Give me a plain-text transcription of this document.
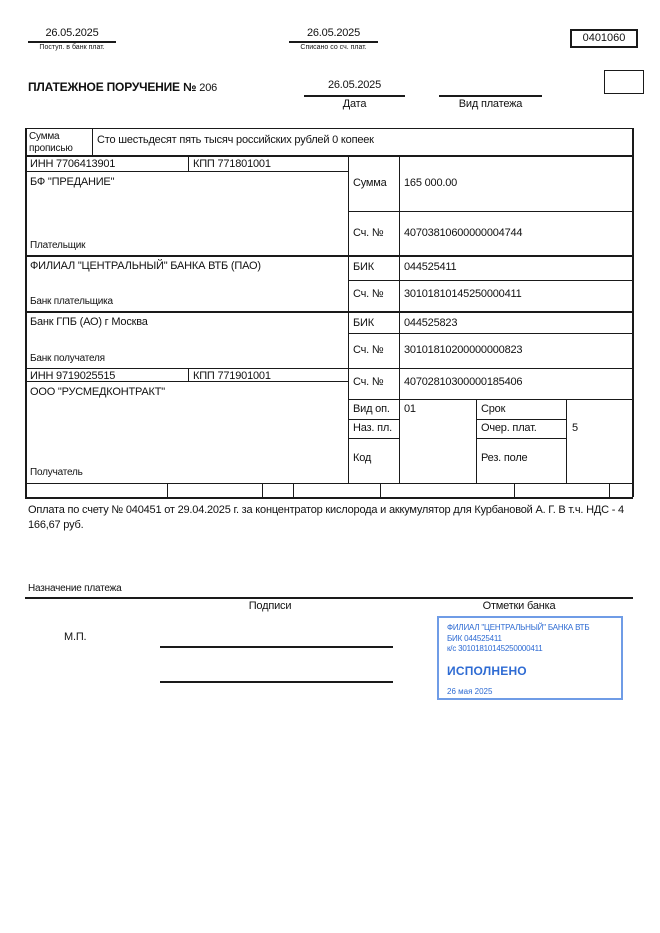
26.05.2025
Поступ. в банк плат.
26.05.2025
Списано со сч. плат.
0401060
ПЛАТЕЖНОЕ ПОРУЧЕНИЕ № 206	26.05.2025
Дата	Вид платежа
Сумма прописью
Сто шестьдесят пять тысяч российских рублей 0 копеек
ИНН 7706413901	КПП 771801001
БФ "ПРЕДАНИЕ"
Плательщик
Сумма 165 000.00
Сч. № 40703810600000004744
ФИЛИАЛ "ЦЕНТРАЛЬНЫЙ" БАНКА ВТБ (ПАО)
Банк плательщика
БИК	044525411
Сч. № 30101810145250000411
Банк ГПБ (АО) г Москва
Банк получателя
БИК	044525823
Сч. № 30101810200000000823
ИНН 9719025515	КПП 771901001
ООО "РУСМЕДКОНТРАКТ"
Получатель
Сч. № 40702810300000185406
Вид оп. 01	Срок
Наз. пл.	Очер. плат.	5
Код	Рез. поле
Оплата по счету № 040451 от 29.04.2025 г. за концентратор кислорода и аккумулятор для Курбановой А. Г. В т.ч. НДС - 4 166,67 руб.
Назначение платежа
Подписи	Отметки банка
М.П.
ФИЛИАЛ "ЦЕНТРАЛЬНЫЙ" БАНКА ВТБ
БИК 044525411
к/с 30101810145250000411
ИСПОЛНЕНО
26 мая 2025
